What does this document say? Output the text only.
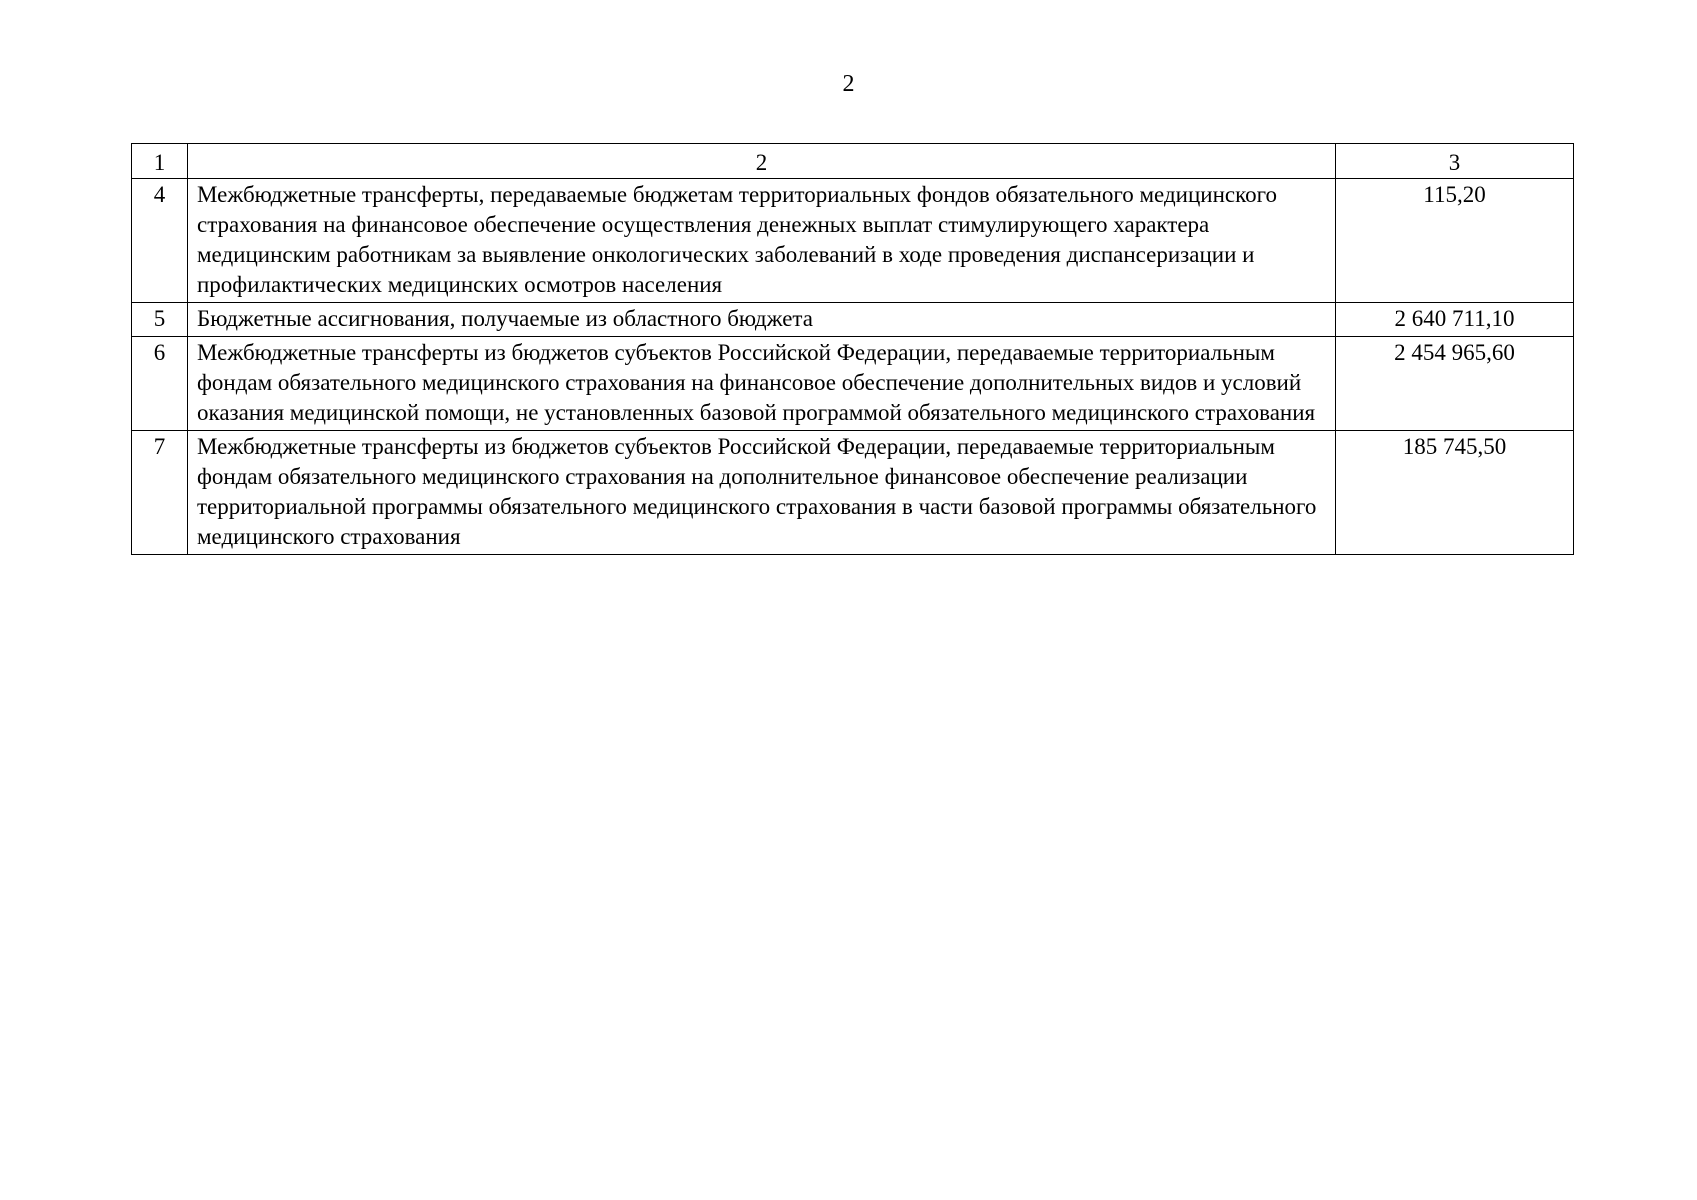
2
1	2	3
4	Межбюджетные трансферты, передаваемые бюджетам территориальных фондов обязательного медицинского страхования на финансовое обеспечение осуществления денежных выплат стимулирующего характера медицинским работникам за выявление онкологических заболеваний в ходе проведения диспансеризации и профилактических медицинских осмотров населения	115,20
5	Бюджетные ассигнования, получаемые из областного бюджета	2 640 711,10
6	Межбюджетные трансферты из бюджетов субъектов Российской Федерации, передаваемые территориальным фондам обязательного медицинского страхования на финансовое обеспечение дополнительных видов и условий оказания медицинской помощи, не установленных базовой программой обязательного медицинского страхования	2 454 965,60
7	Межбюджетные трансферты из бюджетов субъектов Российской Федерации, передаваемые территориальным фондам обязательного медицинского страхования на дополнительное финансовое обеспечение реализации территориальной программы обязательного медицинского страхования в части базовой программы обязательного медицинского страхования	185 745,50
